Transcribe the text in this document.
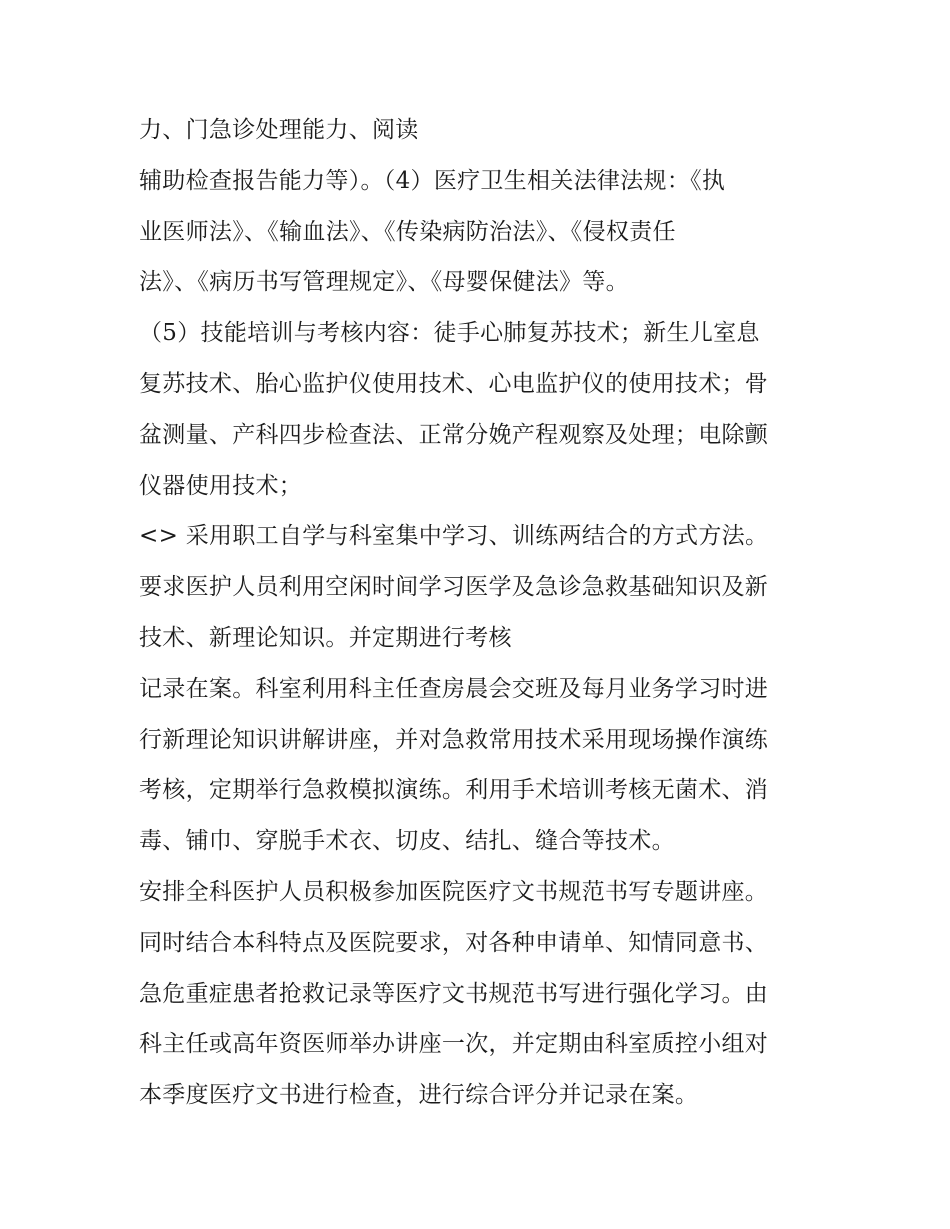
力、门急诊处理能力、阅读
辅助检查报告能力等）。（4）医疗卫生相关法律法规：《执
业医师法》、《输血法》、《传染病防治法》、《侵权责任
法》、《病历书写管理规定》、《母婴保健法》等。
（5）技能培训与考核内容：徒手心肺复苏技术；新生儿室息
复苏技术、胎心监护仪使用技术、心电监护仪的使用技术；骨
盆测量、产科四步检查法、正常分娩产程观察及处理；电除颤
仪器使用技术；
<> 采用职工自学与科室集中学习、训练两结合的方式方法。
要求医护人员利用空闲时间学习医学及急诊急救基础知识及新
技术、新理论知识。并定期进行考核
记录在案。科室利用科主任查房晨会交班及每月业务学习时进
行新理论知识讲解讲座，并对急救常用技术采用现场操作演练
考核，定期举行急救模拟演练。利用手术培训考核无菌术、消
毒、铺巾、穿脱手术衣、切皮、结扎、缝合等技术。
安排全科医护人员积极参加医院医疗文书规范书写专题讲座。
同时结合本科特点及医院要求，对各种申请单、知情同意书、
急危重症患者抢救记录等医疗文书规范书写进行强化学习。由
科主任或高年资医师举办讲座一次，并定期由科室质控小组对
本季度医疗文书进行检查，进行综合评分并记录在案。
